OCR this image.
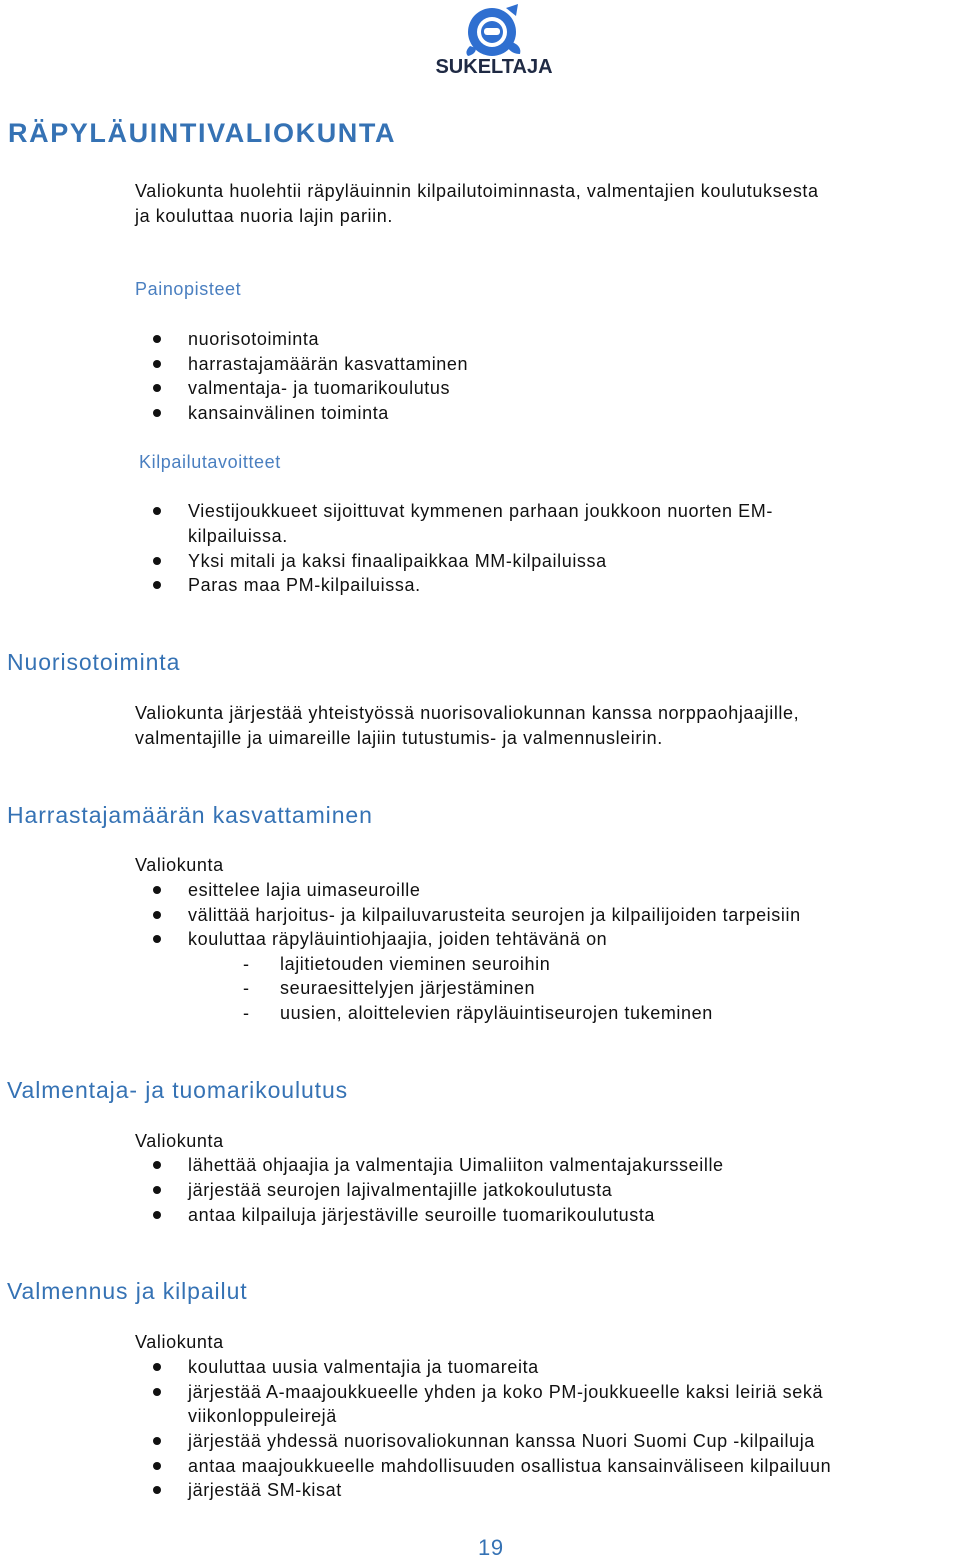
SUKELTAJA
RÄPYLÄUINTIVALIOKUNTA
Valiokunta huolehtii räpyläuinnin kilpailutoiminnasta, valmentajien koulutuksesta
ja kouluttaa nuoria lajin pariin.
Painopisteet
nuorisotoiminta
harrastajamäärän kasvattaminen
valmentaja- ja tuomarikoulutus
kansainvälinen toiminta
Kilpailutavoitteet
Viestijoukkueet sijoittuvat kymmenen parhaan joukkoon nuorten EM-
kilpailuissa.
Yksi mitali ja kaksi finaalipaikkaa MM-kilpailuissa
Paras maa PM-kilpailuissa.
Nuorisotoiminta
Valiokunta järjestää yhteistyössä nuorisovaliokunnan kanssa norppaohjaajille,
valmentajille ja uimareille lajiin tutustumis- ja valmennusleirin.
Harrastajamäärän kasvattaminen
Valiokunta
esittelee lajia uimaseuroille
välittää harjoitus- ja kilpailuvarusteita seurojen ja kilpailijoiden tarpeisiin
kouluttaa räpyläuintiohjaajia, joiden tehtävänä on
- lajitietouden vieminen seuroihin
- seuraesittelyjen järjestäminen
- uusien, aloittelevien räpyläuintiseurojen tukeminen
Valmentaja- ja tuomarikoulutus
Valiokunta
lähettää ohjaajia ja valmentajia Uimaliiton valmentajakursseille
järjestää seurojen lajivalmentajille jatkokoulutusta
antaa kilpailuja järjestäville seuroille tuomarikoulutusta
Valmennus ja kilpailut
Valiokunta
kouluttaa uusia valmentajia ja tuomareita
järjestää A-maajoukkueelle yhden ja koko PM-joukkueelle kaksi leiriä sekä
viikonloppuleirejä
järjestää yhdessä nuorisovaliokunnan kanssa Nuori Suomi Cup -kilpailuja
antaa maajoukkueelle mahdollisuuden osallistua kansainväliseen kilpailuun
järjestää SM-kisat
19
